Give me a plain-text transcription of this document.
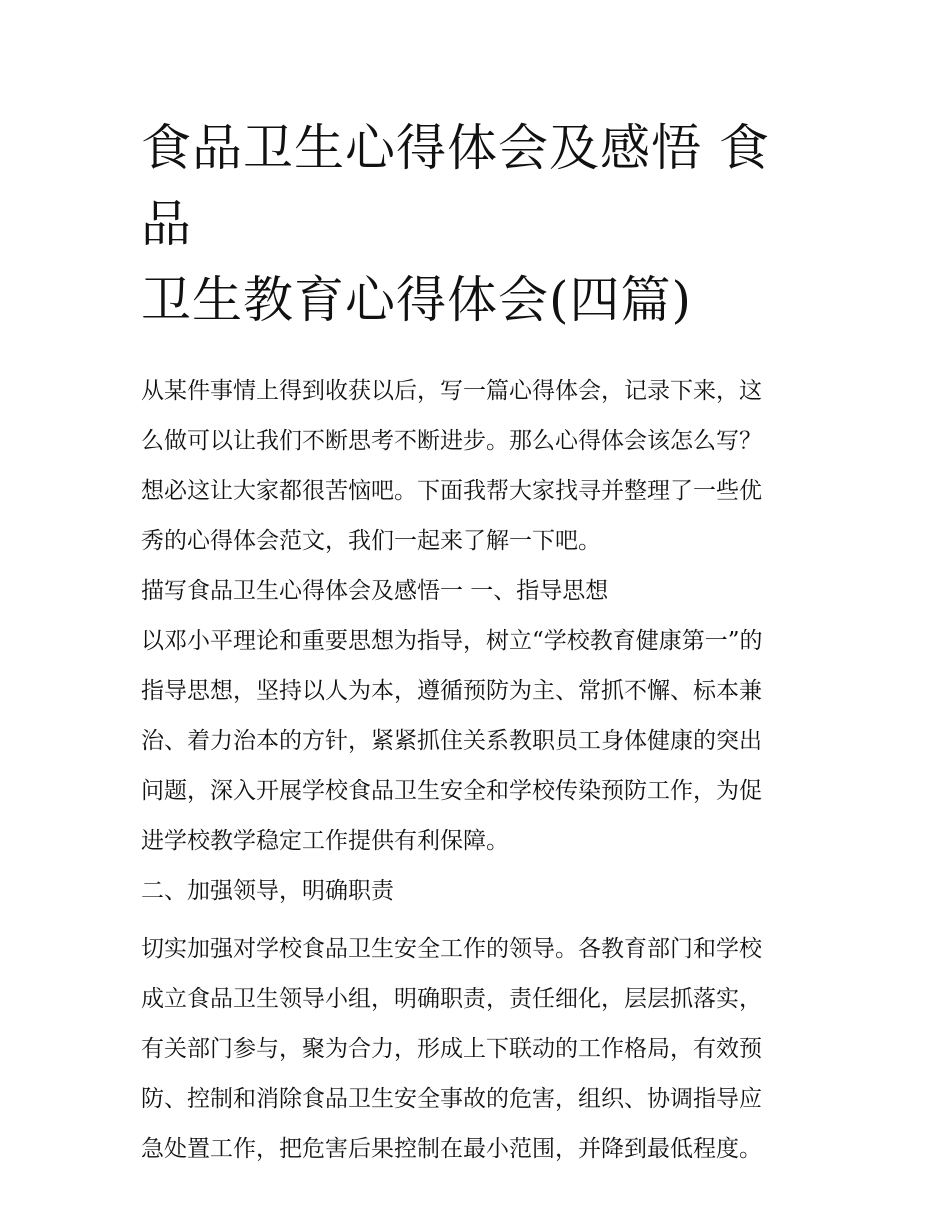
食品卫生心得体会及感悟 食品
卫生教育心得体会(四篇)
从某件事情上得到收获以后，写一篇心得体会，记录下来，这
么做可以让我们不断思考不断进步。那么心得体会该怎么写？
想必这让大家都很苦恼吧。下面我帮大家找寻并整理了一些优
秀的心得体会范文，我们一起来了解一下吧。
描写食品卫生心得体会及感悟一 一、指导思想
以邓小平理论和重要思想为指导，树立“学校教育健康第一”的
指导思想，坚持以人为本，遵循预防为主、常抓不懈、标本兼
治、着力治本的方针，紧紧抓住关系教职员工身体健康的突出
问题，深入开展学校食品卫生安全和学校传染预防工作，为促
进学校教学稳定工作提供有利保障。
二、加强领导，明确职责
切实加强对学校食品卫生安全工作的领导。各教育部门和学校
成立食品卫生领导小组，明确职责，责任细化，层层抓落实，
有关部门参与，聚为合力，形成上下联动的工作格局，有效预
防、控制和消除食品卫生安全事故的危害，组织、协调指导应
急处置工作，把危害后果控制在最小范围，并降到最低程度。
